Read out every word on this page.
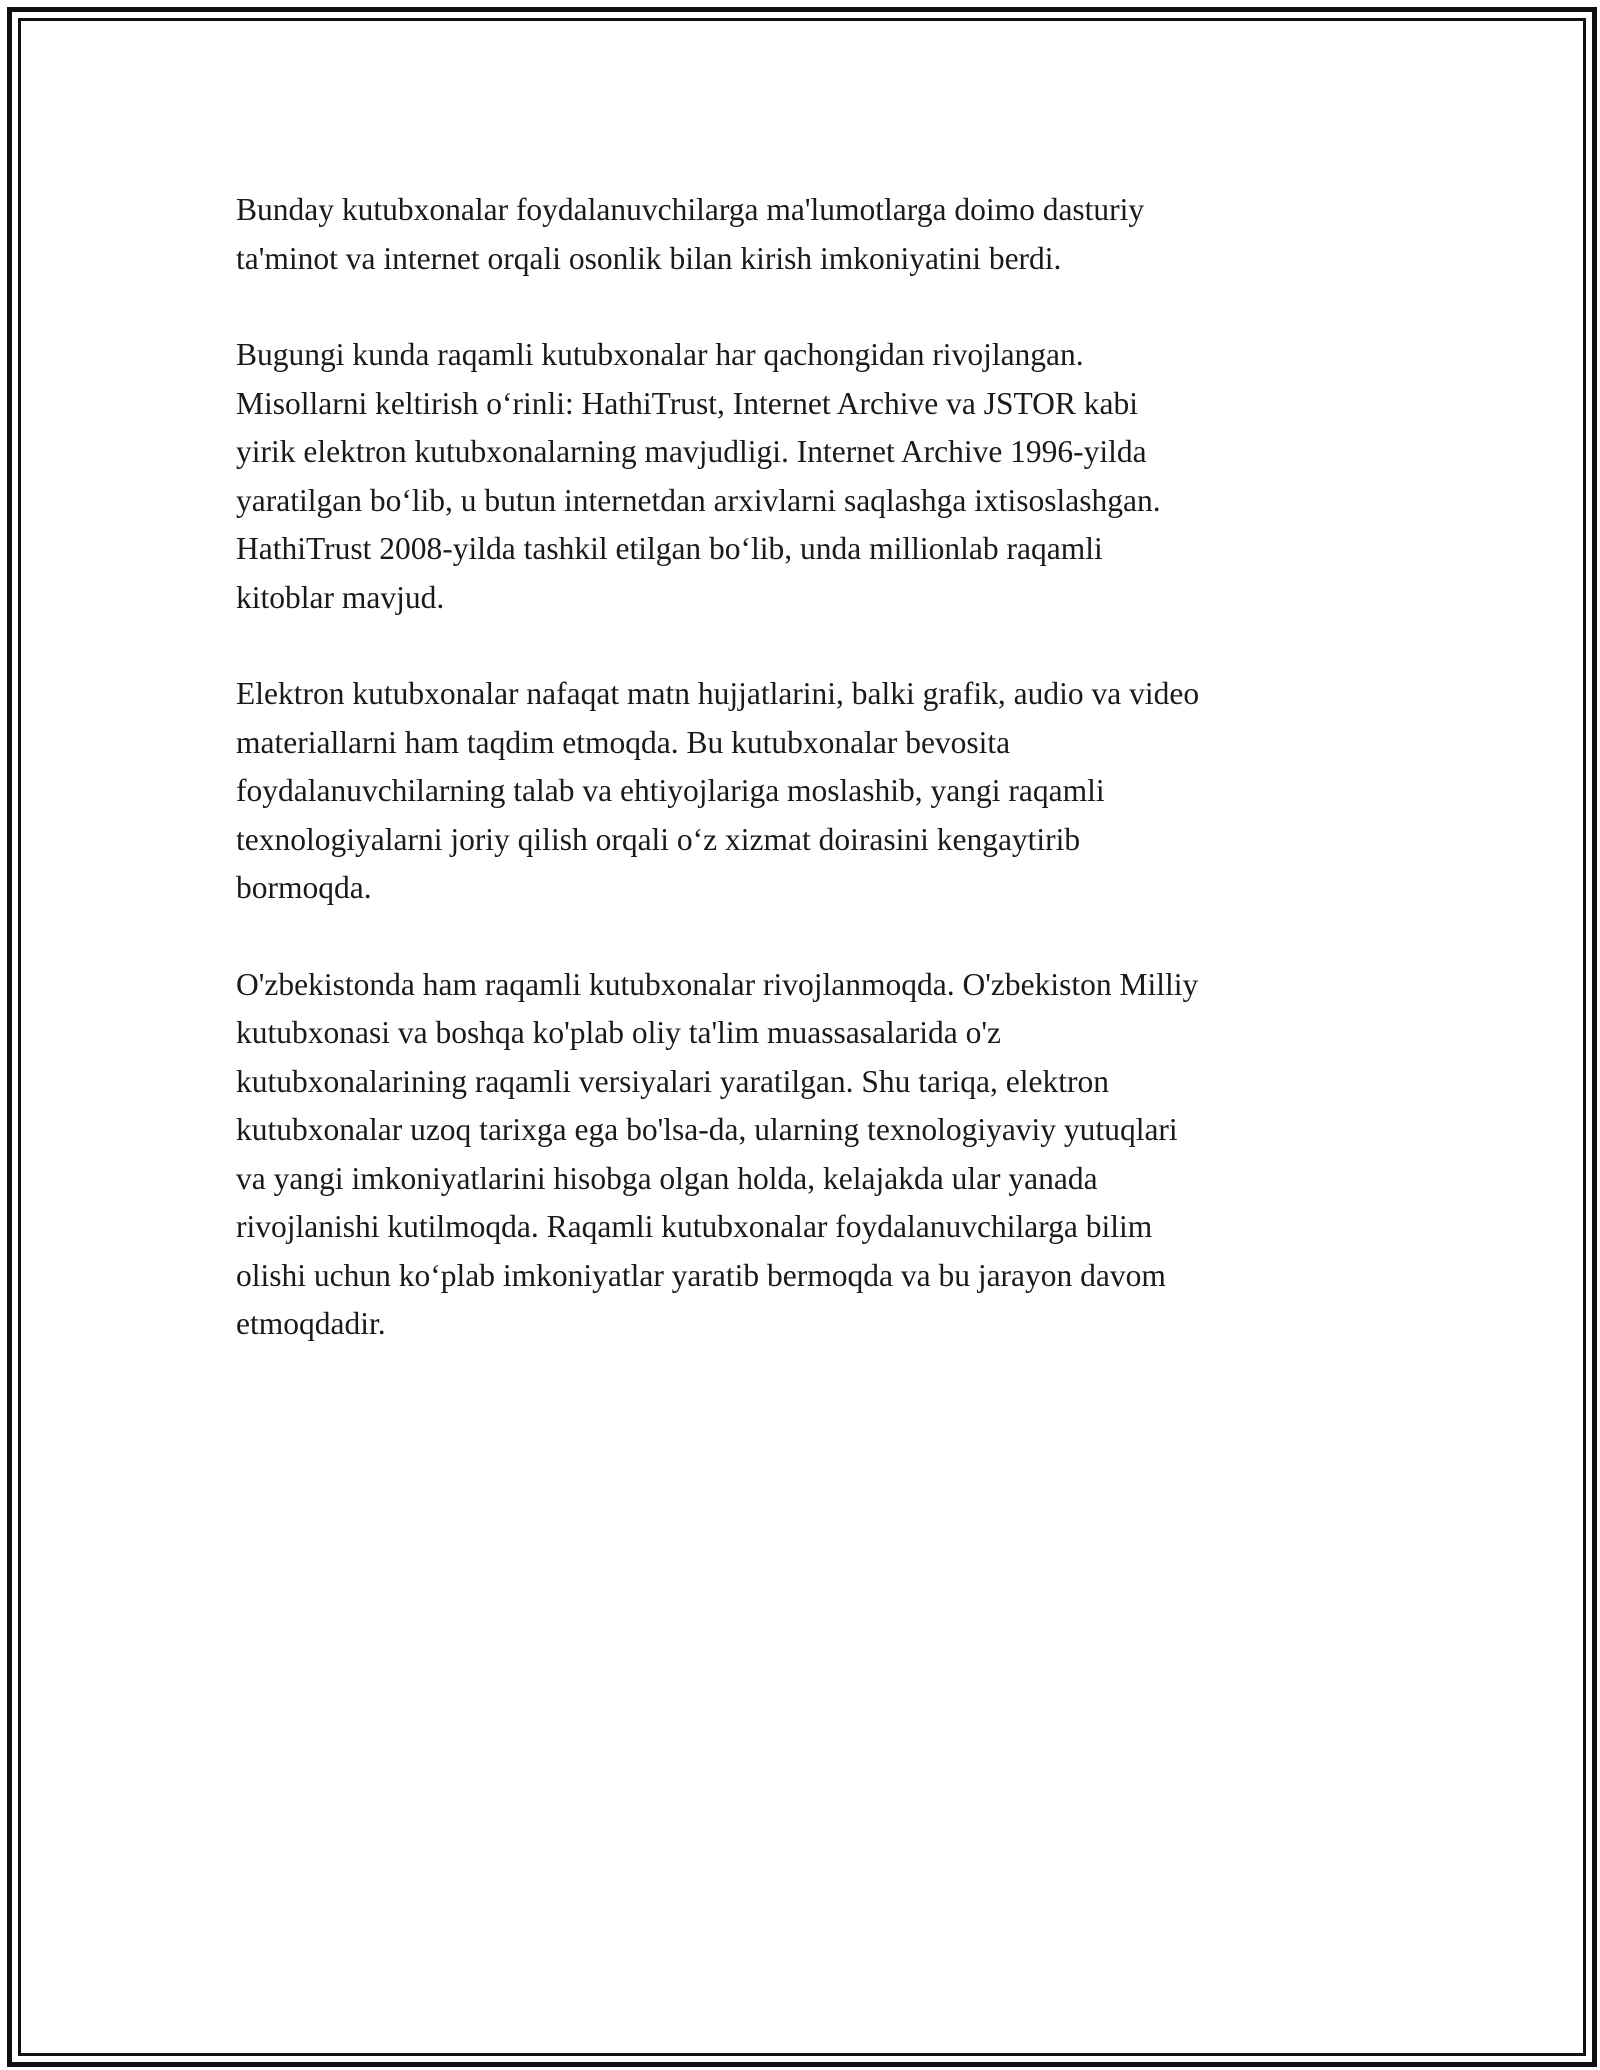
Bunday kutubxonalar foydalanuvchilarga ma'lumotlarga doimo dasturiy
ta'minot va internet orqali osonlik bilan kirish imkoniyatini berdi.

Bugungi kunda raqamli kutubxonalar har qachongidan rivojlangan.
Misollarni keltirish o‘rinli: HathiTrust, Internet Archive va JSTOR kabi
yirik elektron kutubxonalarning mavjudligi. Internet Archive 1996-yilda
yaratilgan bo‘lib, u butun internetdan arxivlarni saqlashga ixtisoslashgan.
HathiTrust 2008-yilda tashkil etilgan bo‘lib, unda millionlab raqamli
kitoblar mavjud.

Elektron kutubxonalar nafaqat matn hujjatlarini, balki grafik, audio va video
materiallarni ham taqdim etmoqda. Bu kutubxonalar bevosita
foydalanuvchilarning talab va ehtiyojlariga moslashib, yangi raqamli
texnologiyalarni joriy qilish orqali o‘z xizmat doirasini kengaytirib
bormoqda.

O'zbekistonda ham raqamli kutubxonalar rivojlanmoqda. O'zbekiston Milliy
kutubxonasi va boshqa ko'plab oliy ta'lim muassasalarida o'z
kutubxonalarining raqamli versiyalari yaratilgan. Shu tariqa, elektron
kutubxonalar uzoq tarixga ega bo'lsa-da, ularning texnologiyaviy yutuqlari
va yangi imkoniyatlarini hisobga olgan holda, kelajakda ular yanada
rivojlanishi kutilmoqda. Raqamli kutubxonalar foydalanuvchilarga bilim
olishi uchun ko‘plab imkoniyatlar yaratib bermoqda va bu jarayon davom
etmoqdadir.
